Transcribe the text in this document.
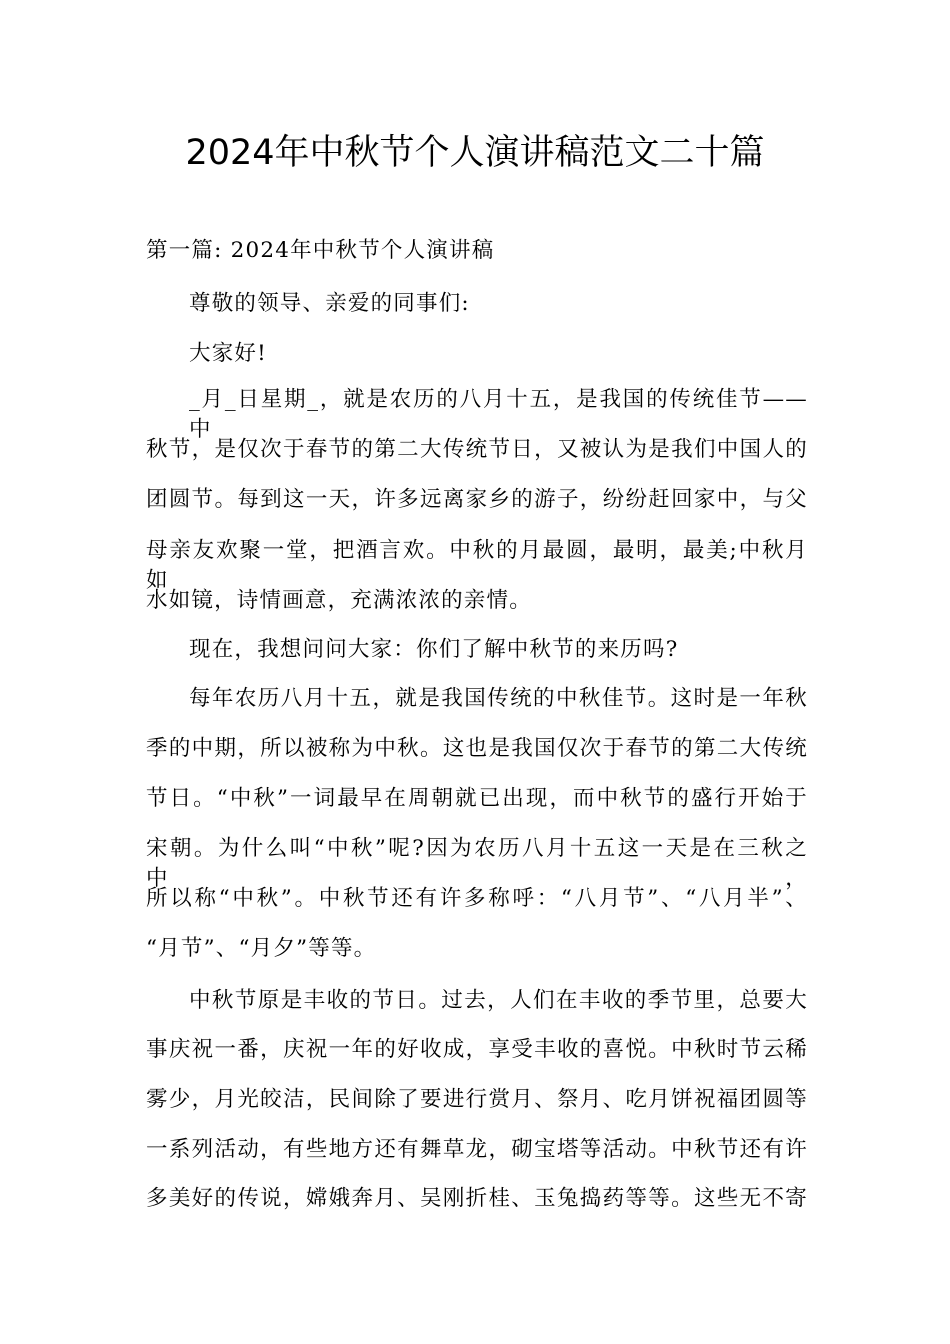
2024年中秋节个人演讲稿范文二十篇
第一篇: 2024年中秋节个人演讲稿
尊敬的领导、亲爱的同事们:
大家好!
_月_日星期_，就是农历的八月十五，是我国的传统佳节——中
秋节，是仅次于春节的第二大传统节日，又被认为是我们中国人的
团圆节。每到这一天，许多远离家乡的游子，纷纷赶回家中，与父
母亲友欢聚一堂，把酒言欢。中秋的月最圆，最明，最美;中秋月如
水如镜，诗情画意，充满浓浓的亲情。
现在，我想问问大家：你们了解中秋节的来历吗?
每年农历八月十五，就是我国传统的中秋佳节。这时是一年秋
季的中期，所以被称为中秋。这也是我国仅次于春节的第二大传统
节日。“中秋”一词最早在周朝就已出现，而中秋节的盛行开始于
宋朝。为什么叫“中秋”呢?因为农历八月十五这一天是在三秋之中，
所以称“中秋”。中秋节还有许多称呼：“八月节”、“八月半”、
“月节”、“月夕”等等。
中秋节原是丰收的节日。过去，人们在丰收的季节里，总要大
事庆祝一番，庆祝一年的好收成，享受丰收的喜悦。中秋时节云稀
雾少，月光皎洁，民间除了要进行赏月、祭月、吃月饼祝福团圆等
一系列活动，有些地方还有舞草龙，砌宝塔等活动。中秋节还有许
多美好的传说，嫦娥奔月、吴刚折桂、玉兔捣药等等。这些无不寄
